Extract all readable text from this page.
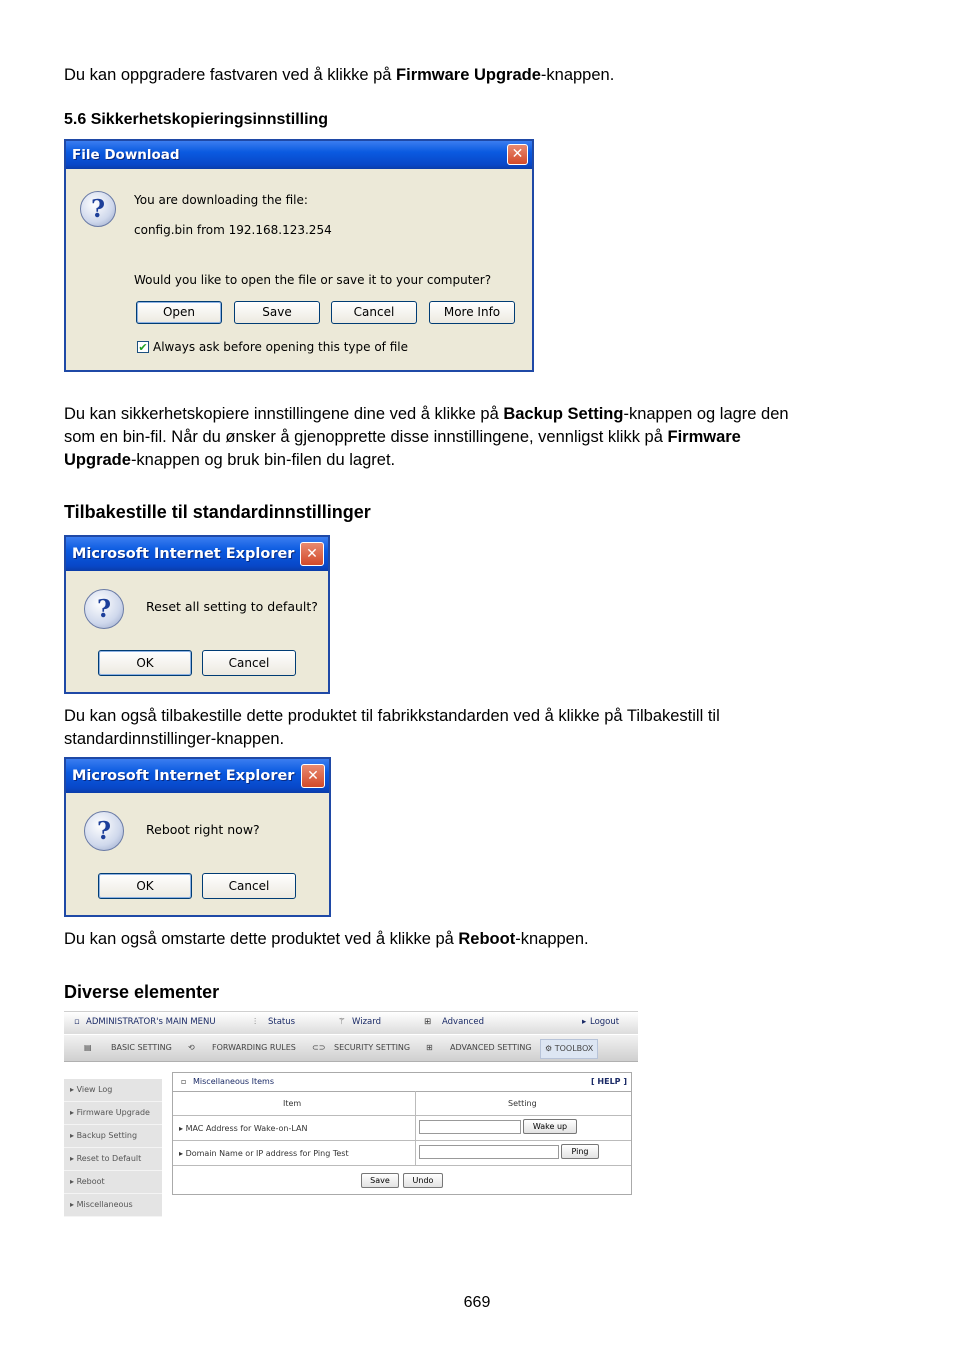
Du kan oppgradere fastvaren ved å klikke på Firmware Upgrade-knappen.

5.6 Sikkerhetskopieringsinnstilling

File Download	✕
?	You are downloading the file:
config.bin from 192.168.123.254
Would you like to open the file or save it to your computer?
Open	Save	Cancel	More Info
✔ Always ask before opening this type of file

Du kan sikkerhetskopiere innstillingene dine ved å klikke på Backup Setting-knappen og lagre den
som en bin-fil. Når du ønsker å gjenopprette disse innstillingene, vennligst klikk på Firmware
Upgrade-knappen og bruk bin-filen du lagret.

Tilbakestille til standardinnstillinger

Microsoft Internet Explorer ✕
?	Reset all setting to default?
OK	Cancel

Du kan også tilbakestille dette produktet til fabrikkstandarden ved å klikke på Tilbakestill til
standardinnstillinger-knappen.

Microsoft Internet Explorer ✕
?	Reboot right now?
OK	Cancel

Du kan også omstarte dette produktet ved å klikke på Reboot-knappen.

Diverse elementer

▫ ADMINISTRATOR's MAIN MENU	⫶ Status	⚚ Wizard	⊞ Advanced	▸ Logout
▤ BASIC SETTING ⟲ FORWARDING RULES ⊂⊃ SECURITY SETTING ⊞ ADVANCED SETTING	⚙ TOOLBOX
▸ View Log
▸ Firmware Upgrade
▸ Backup Setting
▸ Reset to Default
▸ Reboot
▸ Miscellaneous
▫ Miscellaneous Items	[ HELP ]
Item	Setting
▸ MAC Address for Wake-on-LAN	Wake up
▸ Domain Name or IP address for Ping Test	Ping
Save	Undo
669
